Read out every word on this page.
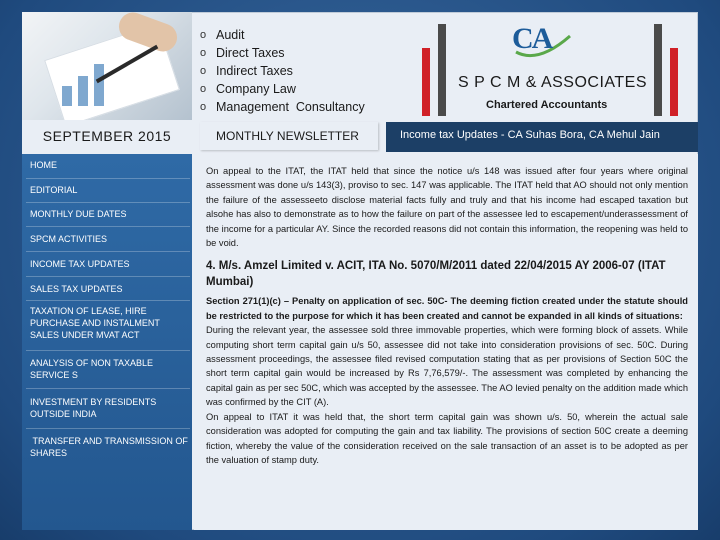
o Audit
o Direct Taxes
o Indirect Taxes
o Company Law
o Management  Consultancy
CA
S P C M & ASSOCIATES
Chartered Accountants
SEPTEMBER 2015	MONTHLY NEWSLETTER	Income tax Updates - CA Suhas Bora, CA Mehul Jain
HOME
EDITORIAL
MONTHLY DUE DATES
SPCM ACTIVITIES
INCOME TAX UPDATES
SALES TAX UPDATES
TAXATION OF LEASE, HIRE PURCHASE AND INSTALMENT SALES UNDER MVAT ACT
ANALYSIS OF NON TAXABLE SERVICE S
INVESTMENT BY RESIDENTS OUTSIDE INDIA
TRANSFER AND TRANSMISSION OF SHARES

On appeal to the ITAT, the ITAT held that since the notice u/s 148 was issued after four years where original assessment was done u/s 143(3), proviso to sec. 147 was applicable. The ITAT held that AO should not only mention the failure of the assesseeto disclose material facts fully and truly and that his income had escaped taxation but alsohe has also to demonstrate as to how the failure on part of the assessee led to escapement/underassessment of the income for a particular AY. Since the recorded reasons did not contain this information, the reopening was held to be void.

4. M/s. Amzel Limited v. ACIT, ITA No. 5070/M/2011 dated 22/04/2015 AY 2006-07 (ITAT Mumbai)

Section 271(1)(c) – Penalty on application of sec. 50C- The deeming fiction created under the statute should be restricted to the purpose for which it has been created and cannot be expanded in all kinds of situations:

During the relevant year, the assessee sold three immovable properties, which were forming block of assets. While computing short term capital gain u/s 50, assessee did not take into consideration provisions of sec. 50C. During assessment proceedings, the assessee filed revised computation stating that as per provisions of Section 50C the short term capital gain would be increased by Rs 7,76,579/-. The assessment was completed by enhancing the capital gain as per sec 50C, which was accepted by the assessee. The AO levied penalty on the addition made which was confirmed by the CIT (A).

On appeal to ITAT it was held that, the short term capital gain was shown u/s. 50, wherein the actual sale consideration was adopted for computing the gain and tax liability. The provisions of section 50C create a deeming fiction, whereby the value of the consideration received on the sale transaction of an asset is to be adopted as per the valuation of stamp duty.
